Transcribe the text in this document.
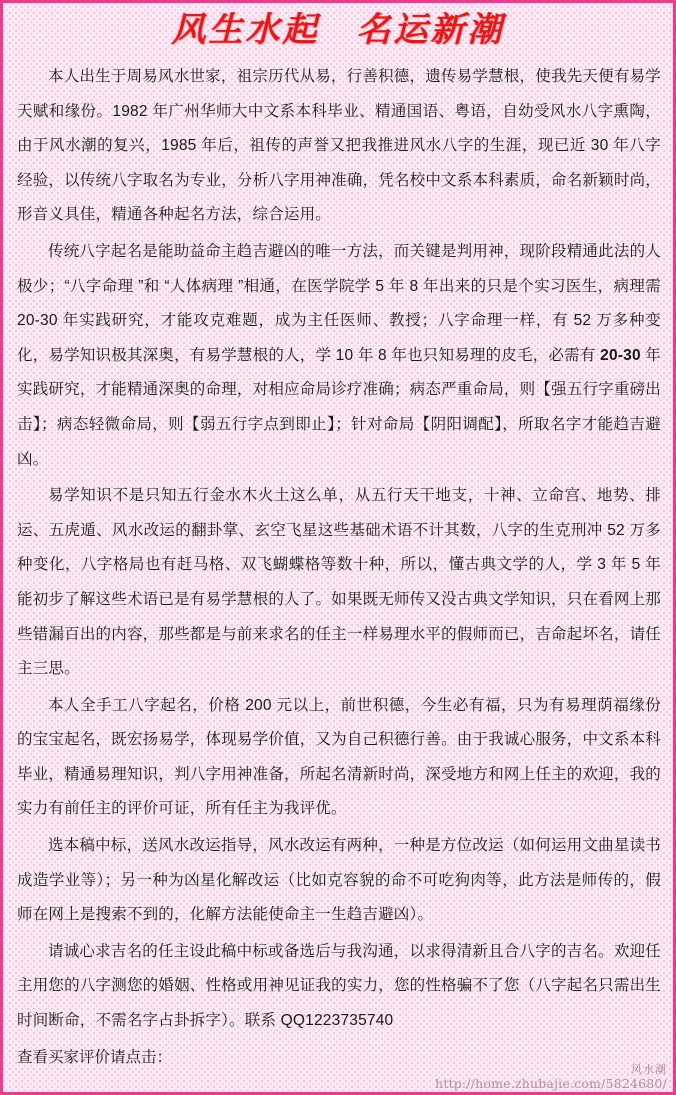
风生水起　名运新潮

本人出生于周易风水世家，祖宗历代从易，行善积德，遗传易学慧根，使我先天便有易学天赋和缘份。1982 年广州华师大中文系本科毕业、精通国语、粤语，自幼受风水八字熏陶，由于风水潮的复兴，1985 年后，祖传的声誉又把我推进风水八字的生涯，现已近 30 年八字经验，以传统八字取名为专业，分析八字用神准确，凭名校中文系本科素质，命名新颖时尚，形音义具佳，精通各种起名方法，综合运用。

传统八字起名是能助益命主趋吉避凶的唯一方法，而关键是判用神，现阶段精通此法的人极少；“八字命理 ”和 “人体病理 ”相通，在医学院学 5 年 8 年出来的只是个实习医生，病理需 20-30 年实践研究，才能攻克难题，成为主任医师、教授；八字命理一样，有 52 万多种变化，易学知识极其深奥，有易学慧根的人，学 10 年 8 年也只知易理的皮毛，必需有 20-30 年实践研究，才能精通深奥的命理，对相应命局诊疗准确；病态严重命局，则【强五行字重磅出击】；病态轻微命局，则【弱五行字点到即止】；针对命局【阴阳调配】，所取名字才能趋吉避凶。

易学知识不是只知五行金水木火土这么单，从五行天干地支，十神、立命宫、地势、排运、五虎遁、风水改运的翻卦掌、玄空飞星这些基础术语不计其数，八字的生克刑冲 52 万多种变化，八字格局也有赶马格、双飞蝴蝶格等数十种，所以，懂古典文学的人，学 3 年 5 年能初步了解这些术语已是有易学慧根的人了。如果既无师传又没古典文学知识，只在看网上那些错漏百出的内容，那些都是与前来求名的任主一样易理水平的假师而已，吉命起坏名，请任主三思。

本人全手工八字起名，价格 200 元以上，前世积德，今生必有福，只为有易理荫福缘份的宝宝起名，既宏扬易学，体现易学价值，又为自己积德行善。由于我诚心服务，中文系本科毕业，精通易理知识，判八字用神准备，所起名清新时尚，深受地方和网上任主的欢迎，我的实力有前任主的评价可证，所有任主为我评优。

选本稿中标，送风水改运指导，风水改运有两种，一种是方位改运（如何运用文曲星读书成造学业等）；另一种为凶星化解改运（比如克容貌的命不可吃狗肉等，此方法是师传的，假师在网上是搜索不到的，化解方法能使命主一生趋吉避凶）。

请诚心求吉名的任主设此稿中标或备选后与我沟通，以求得清新且合八字的吉名。欢迎任主用您的八字测您的婚姻、性格或用神见证我的实力，您的性格骗不了您（八字起名只需出生时间断命，不需名字占卦拆字）。联系 QQ1223735740

查看买家评价请点击：

风水潮
http://home.zhubajie.com/5824680/
